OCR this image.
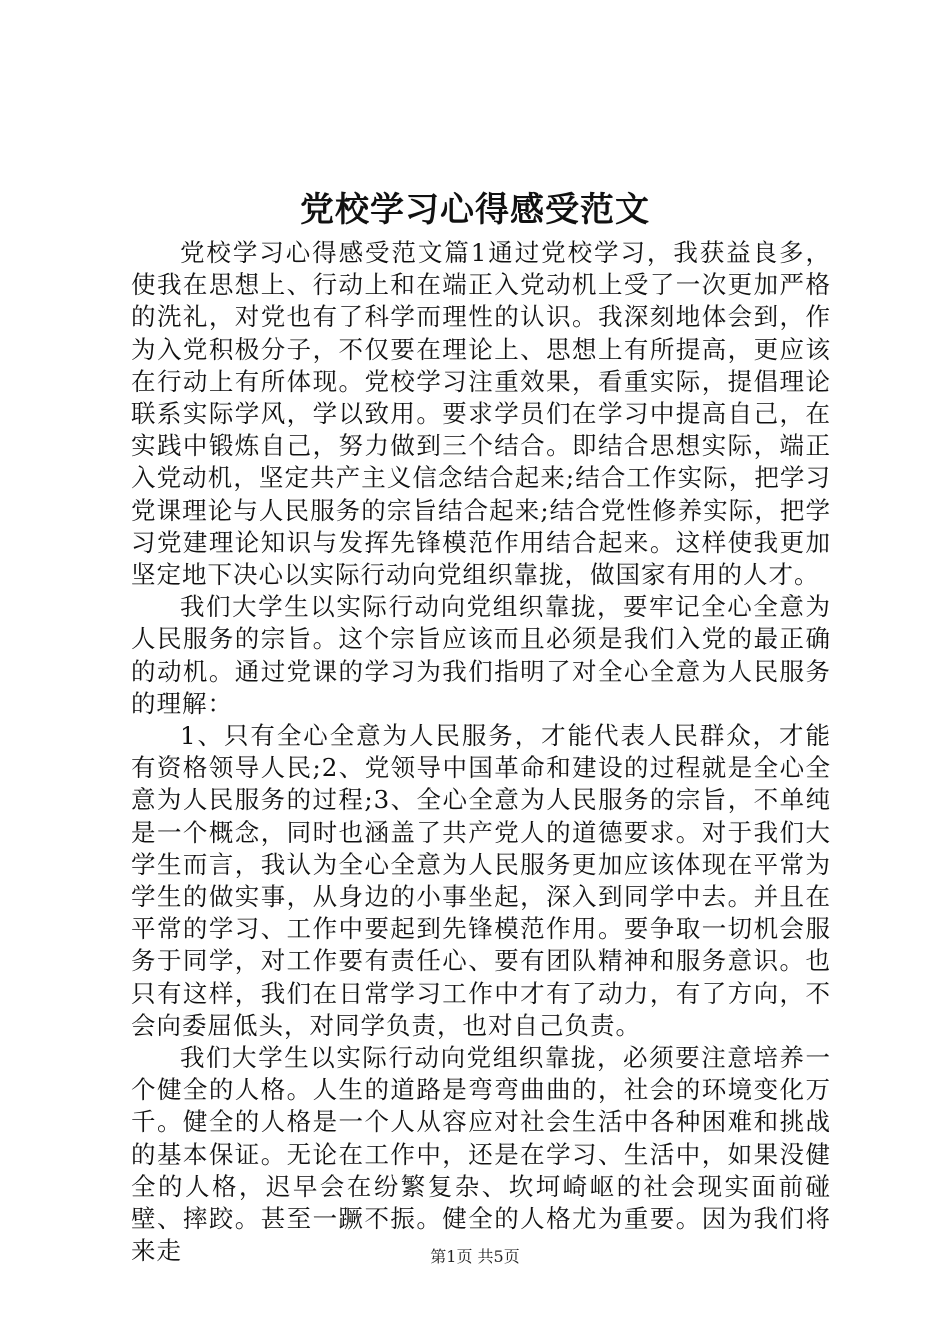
党校学习心得感受范文

党校学习心得感受范文篇1通过党校学习，我获益良多，使我在思想上、行动上和在端正入党动机上受了一次更加严格的洗礼，对党也有了科学而理性的认识。我深刻地体会到，作为入党积极分子，不仅要在理论上、思想上有所提高，更应该在行动上有所体现。党校学习注重效果，看重实际，提倡理论联系实际学风，学以致用。要求学员们在学习中提高自己，在实践中锻炼自己，努力做到三个结合。即结合思想实际，端正入党动机，坚定共产主义信念结合起来;结合工作实际，把学习党课理论与人民服务的宗旨结合起来;结合党性修养实际，把学习党建理论知识与发挥先锋模范作用结合起来。这样使我更加坚定地下决心以实际行动向党组织靠拢，做国家有用的人才。

我们大学生以实际行动向党组织靠拢，要牢记全心全意为人民服务的宗旨。这个宗旨应该而且必须是我们入党的最正确的动机。通过党课的学习为我们指明了对全心全意为人民服务的理解：

1、只有全心全意为人民服务，才能代表人民群众，才能有资格领导人民;2、党领导中国革命和建设的过程就是全心全意为人民服务的过程;3、全心全意为人民服务的宗旨，不单纯是一个概念，同时也涵盖了共产党人的道德要求。对于我们大学生而言，我认为全心全意为人民服务更加应该体现在平常为学生的做实事，从身边的小事坐起，深入到同学中去。并且在平常的学习、工作中要起到先锋模范作用。要争取一切机会服务于同学，对工作要有责任心、要有团队精神和服务意识。也只有这样，我们在日常学习工作中才有了动力，有了方向，不会向委屈低头，对同学负责，也对自己负责。

我们大学生以实际行动向党组织靠拢，必须要注意培养一个健全的人格。人生的道路是弯弯曲曲的，社会的环境变化万千。健全的人格是一个人从容应对社会生活中各种困难和挑战的基本保证。无论在工作中，还是在学习、生活中，如果没健全的人格，迟早会在纷繁复杂、坎坷崎岖的社会现实面前碰壁、摔跤。甚至一蹶不振。健全的人格尤为重要。因为我们将来走	第1页 共5页
